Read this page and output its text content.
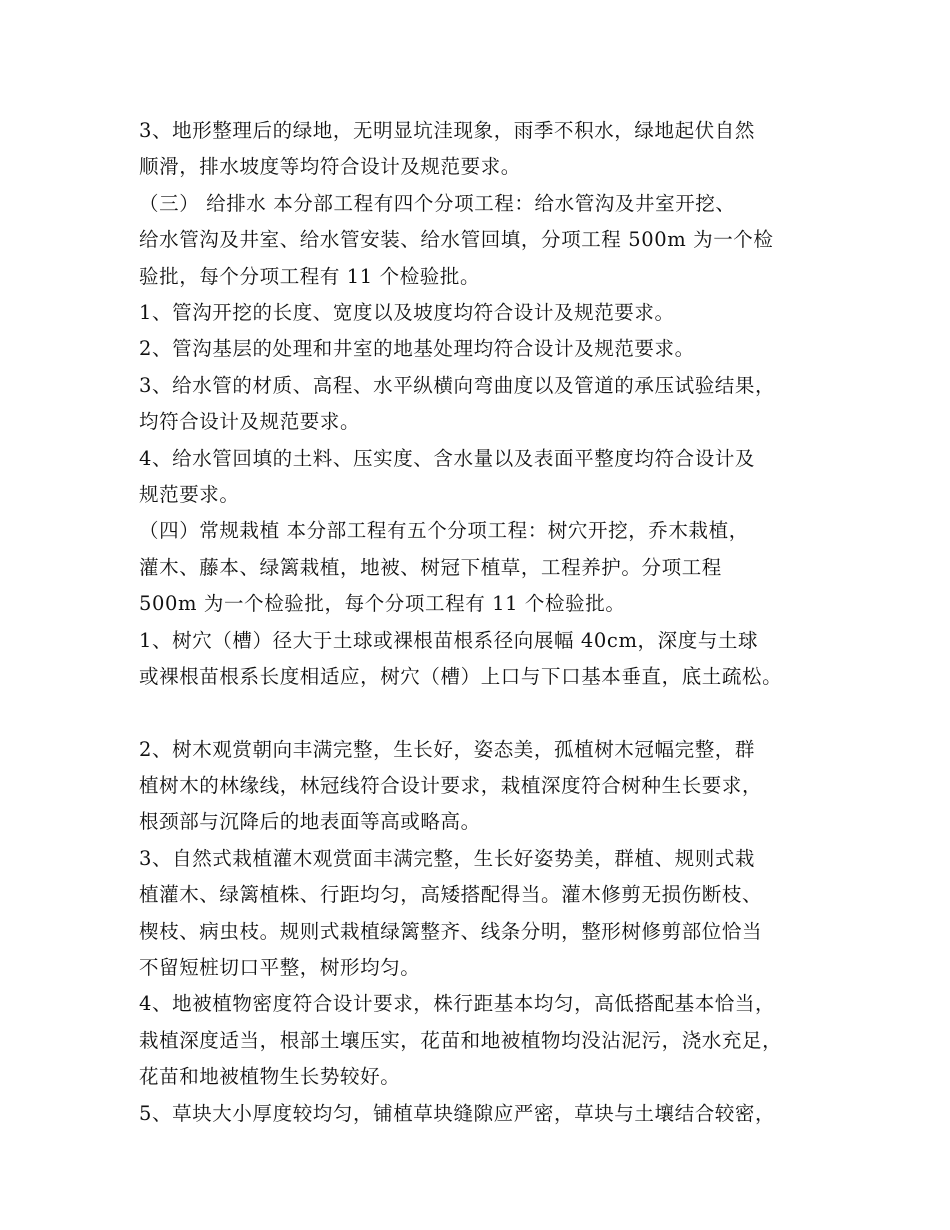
3、地形整理后的绿地，无明显坑洼现象，雨季不积水，绿地起伏自然
顺滑，排水坡度等均符合设计及规范要求。
（三） 给排水 本分部工程有四个分项工程：给水管沟及井室开挖、
给水管沟及井室、给水管安装、给水管回填，分项工程 500m 为一个检
验批，每个分项工程有 11 个检验批。
1、管沟开挖的长度、宽度以及坡度均符合设计及规范要求。
2、管沟基层的处理和井室的地基处理均符合设计及规范要求。
3、给水管的材质、高程、水平纵横向弯曲度以及管道的承压试验结果，
均符合设计及规范要求。
4、给水管回填的土料、压实度、含水量以及表面平整度均符合设计及
规范要求。
（四）常规栽植 本分部工程有五个分项工程：树穴开挖，乔木栽植，
灌木、藤本、绿篱栽植，地被、树冠下植草，工程养护。分项工程
500m 为一个检验批，每个分项工程有 11 个检验批。
1、树穴（槽）径大于土球或裸根苗根系径向展幅 40cm，深度与土球
或裸根苗根系长度相适应，树穴（槽）上口与下口基本垂直，底土疏松。
2、树木观赏朝向丰满完整，生长好，姿态美，孤植树木冠幅完整，群
植树木的林缘线，林冠线符合设计要求，栽植深度符合树种生长要求，
根颈部与沉降后的地表面等高或略高。
3、自然式栽植灌木观赏面丰满完整，生长好姿势美，群植、规则式栽
植灌木、绿篱植株、行距均匀，高矮搭配得当。灌木修剪无损伤断枝、
楔枝、病虫枝。规则式栽植绿篱整齐、线条分明，整形树修剪部位恰当
不留短桩切口平整，树形均匀。
4、地被植物密度符合设计要求，株行距基本均匀，高低搭配基本恰当，
栽植深度适当，根部土壤压实，花苗和地被植物均没沾泥污，浇水充足，
花苗和地被植物生长势较好。
5、草块大小厚度较均匀，铺植草块缝隙应严密，草块与土壤结合较密，
